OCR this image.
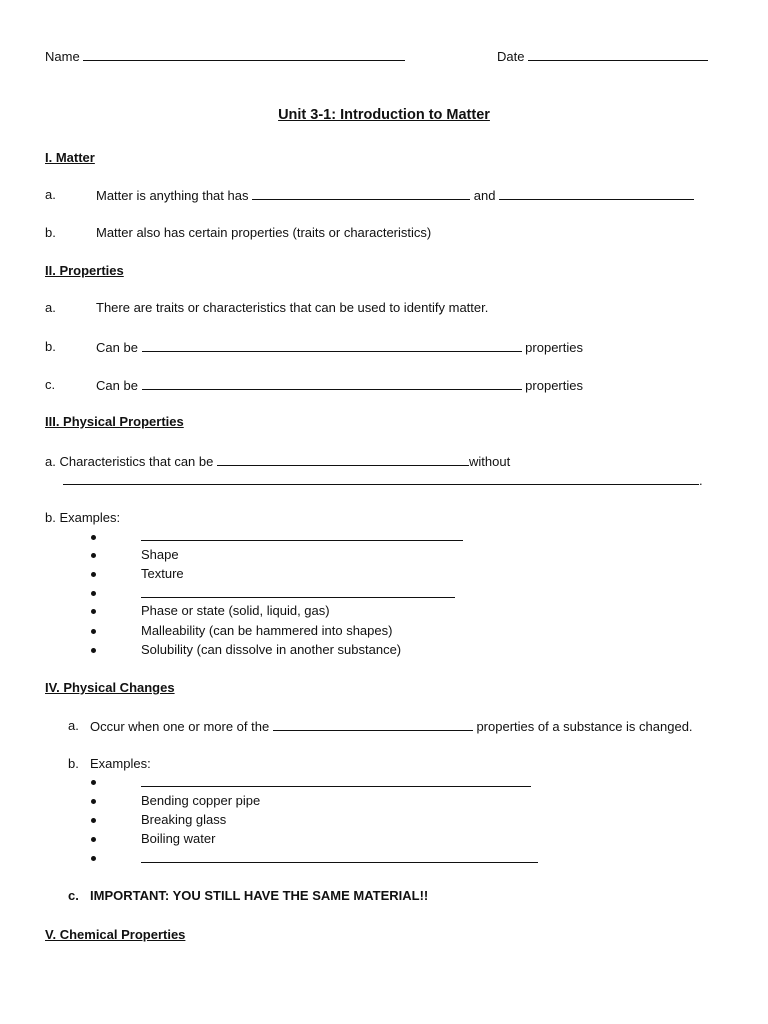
Name	Date
Unit 3-1: Introduction to Matter
I. Matter
a.	Matter is anything that has	and
b.	Matter also has certain properties (traits or characteristics)
II. Properties
a.	There are traits or characteristics that can be used to identify matter.
b.	Can be	properties
c.	Can be	properties
III. Physical Properties
a. Characteristics that can be	without
.
b. Examples:
Shape
Texture
Phase or state (solid, liquid, gas)
Malleability (can be hammered into shapes)
Solubility (can dissolve in another substance)
IV. Physical Changes
a. Occur when one or more of the	properties of a substance is changed.
b. Examples:
Bending copper pipe
Breaking glass
Boiling water
c. IMPORTANT: YOU STILL HAVE THE SAME MATERIAL!!
V. Chemical Properties
